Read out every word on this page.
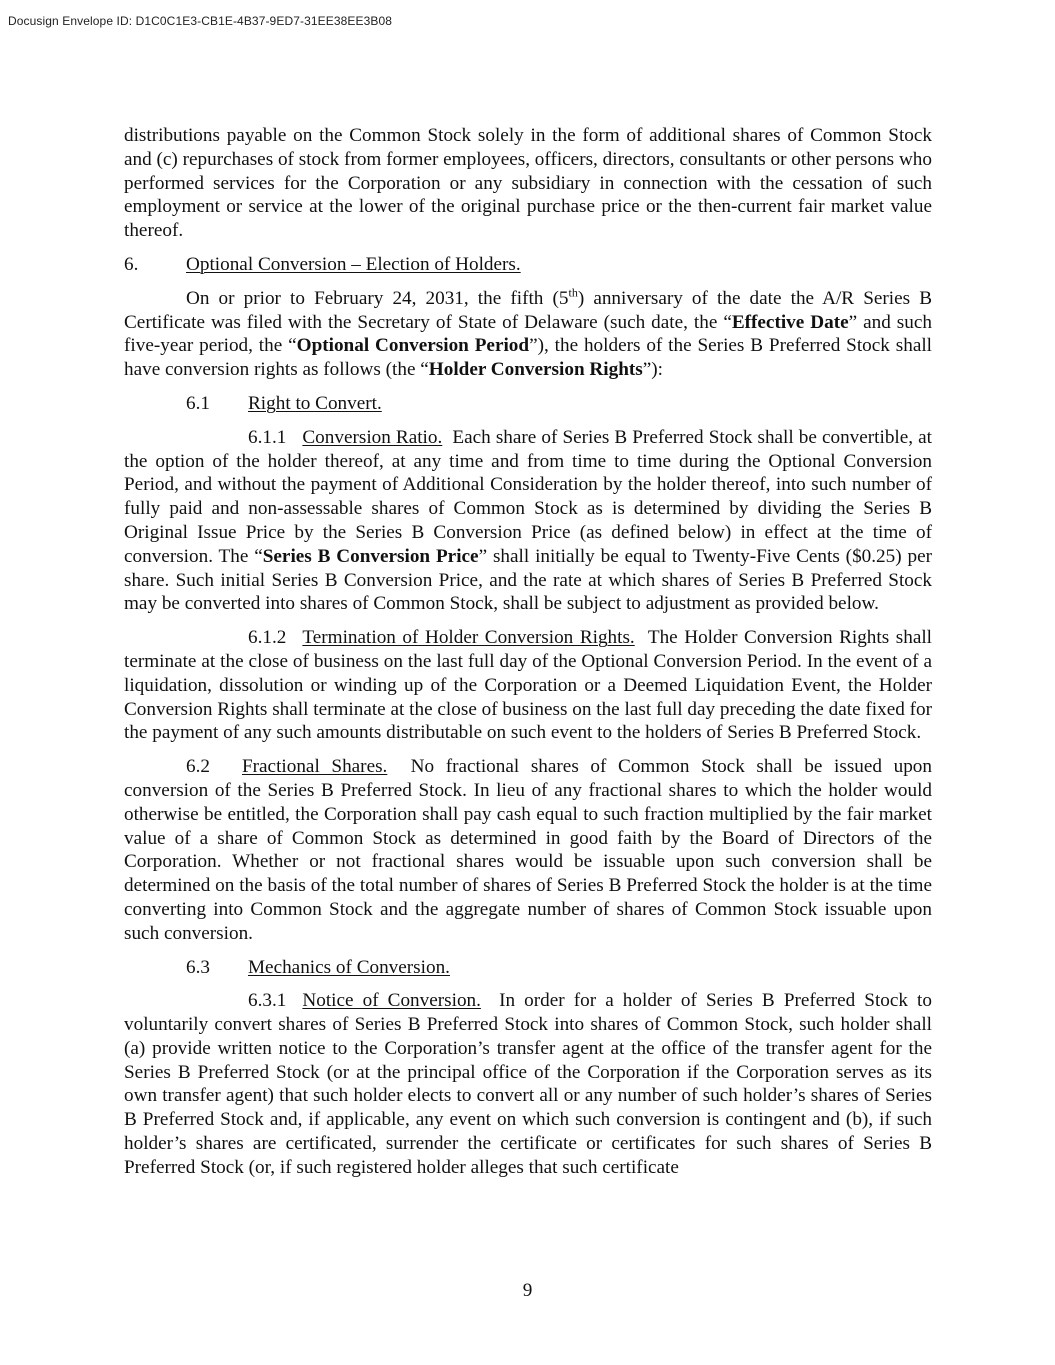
Docusign Envelope ID: D1C0C1E3-CB1E-4B37-9ED7-31EE38EE3B08

distributions payable on the Common Stock solely in the form of additional shares of Common Stock and (c) repurchases of stock from former employees, officers, directors, consultants or other persons who performed services for the Corporation or any subsidiary in connection with the cessation of such employment or service at the lower of the original purchase price or the then-current fair market value thereof.

6.	Optional Conversion – Election of Holders.

On or prior to February 24, 2031, the fifth (5th) anniversary of the date the A/R Series B Certificate was filed with the Secretary of State of Delaware (such date, the “Effective Date” and such five-year period, the “Optional Conversion Period”), the holders of the Series B Preferred Stock shall have conversion rights as follows (the “Holder Conversion Rights”):

6.1	Right to Convert.

6.1.1 Conversion Ratio. Each share of Series B Preferred Stock shall be convertible, at the option of the holder thereof, at any time and from time to time during the Optional Conversion Period, and without the payment of Additional Consideration by the holder thereof, into such number of fully paid and non-assessable shares of Common Stock as is determined by dividing the Series B Original Issue Price by the Series B Conversion Price (as defined below) in effect at the time of conversion. The “Series B Conversion Price” shall initially be equal to Twenty-Five Cents ($0.25) per share. Such initial Series B Conversion Price, and the rate at which shares of Series B Preferred Stock may be converted into shares of Common Stock, shall be subject to adjustment as provided below.

6.1.2 Termination of Holder Conversion Rights. The Holder Conversion Rights shall terminate at the close of business on the last full day of the Optional Conversion Period. In the event of a liquidation, dissolution or winding up of the Corporation or a Deemed Liquidation Event, the Holder Conversion Rights shall terminate at the close of business on the last full day preceding the date fixed for the payment of any such amounts distributable on such event to the holders of Series B Preferred Stock.

6.2 Fractional Shares. No fractional shares of Common Stock shall be issued upon conversion of the Series B Preferred Stock. In lieu of any fractional shares to which the holder would otherwise be entitled, the Corporation shall pay cash equal to such fraction multiplied by the fair market value of a share of Common Stock as determined in good faith by the Board of Directors of the Corporation. Whether or not fractional shares would be issuable upon such conversion shall be determined on the basis of the total number of shares of Series B Preferred Stock the holder is at the time converting into Common Stock and the aggregate number of shares of Common Stock issuable upon such conversion.

6.3	Mechanics of Conversion.

6.3.1 Notice of Conversion. In order for a holder of Series B Preferred Stock to voluntarily convert shares of Series B Preferred Stock into shares of Common Stock, such holder shall (a) provide written notice to the Corporation’s transfer agent at the office of the transfer agent for the Series B Preferred Stock (or at the principal office of the Corporation if the Corporation serves as its own transfer agent) that such holder elects to convert all or any number of such holder’s shares of Series B Preferred Stock and, if applicable, any event on which such conversion is contingent and (b), if such holder’s shares are certificated, surrender the certificate or certificates for such shares of Series B Preferred Stock (or, if such registered holder alleges that such certificate

9
